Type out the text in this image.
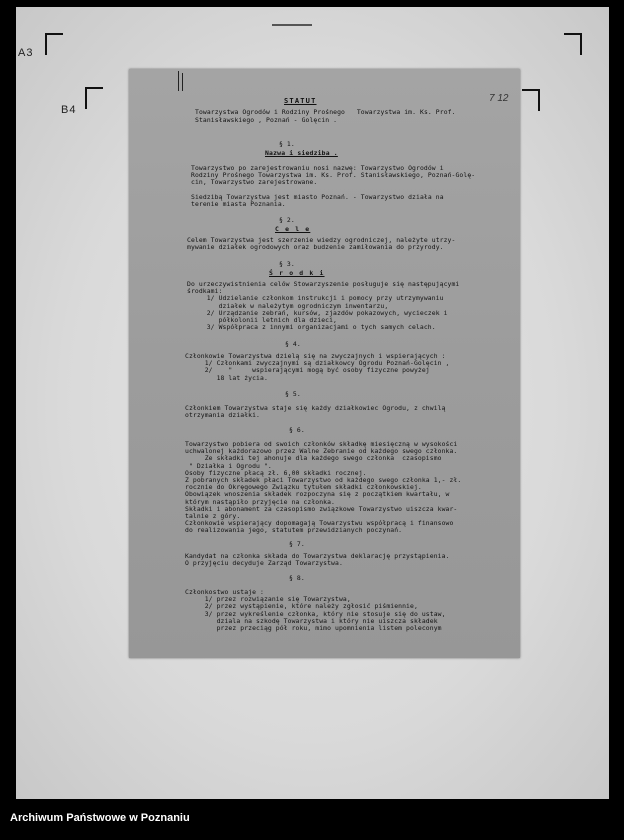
A3
B4
7 12
STATUT
Towarzystwa Ogrodów i Rodziny Prośnego   Towarzystwa im. Ks. Prof.
Stanisławskiego , Poznań - Golęcin .
§ 1.
Nazwa i siedziba .
Towarzystwo po zarejestrowaniu nosi nazwę: Towarzystwo Ogrodów i
Rodziny Prośnego Towarzystwa im. Ks. Prof. Stanisławskiego, Poznań-Golę-
cin, Towarzystwo zarejestrowane.

Siedzibą Towarzystwa jest miasto Poznań. - Towarzystwo działa na
terenie miasta Poznania.
§ 2.
C e l e
Celem Towarzystwa jest szerzenie wiedzy ogrodniczej, należyte utrzy-
mywanie działek ogrodowych oraz budzenie zamiłowania do przyrody.
§ 3.
Ś r o d k i
Do urzeczywistnienia celów Stowarzyszenie posługuje się następującymi
środkami:
1/ Udzielanie członkom instrukcji i pomocy przy utrzymywaniu
działek w należytym ogrodniczym inwentarzu,
2/ Urządzanie zebrań, kursów, zjazdów pokazowych, wycieczek i
półkolonii letnich dla dzieci,
3/ Współpraca z innymi organizacjami o tych samych celach.
§ 4.
Członkowie Towarzystwa dzielą się na zwyczajnych i wspierających :
1/ Członkami zwyczajnymi są działkowcy Ogrodu Poznań-Golęcin ,
2/    "     wspierającymi mogą być osoby fizyczne powyżej
18 lat życia.
§ 5.
Członkiem Towarzystwa staje się każdy działkowiec Ogrodu, z chwilą
otrzymania działki.
§ 6.
Towarzystwo pobiera od swoich członków składkę miesięczną w wysokości
uchwalonej każdorazowo przez Walne Zebranie od każdego swego członka.
Ze składki tej ahonuje dla każdego swego członka  czasopismo
" Działka i Ogrodu ".
Osoby fizyczne płacą zł. 6,00 składki rocznej.
Z pobranych składek płaci Towarzystwo od każdego swego członka 1,- zł.
rocznie do Okręgowego Związku tytułem składki członkowskiej.
Obowiązek wnoszenia składek rozpoczyna się z początkiem kwartału, w
którym nastąpiło przyjęcie na członka.
Składki i abonament za czasopismo związkowe Towarzystwo uiszcza kwar-
talnie z góry.
Członkowie wspierający dopomagają Towarzystwu współpracą i finansowo
do realizowania jego, statutem przewidzianych poczynań.
§ 7.
Kandydat na członka składa do Towarzystwa deklarację przystąpienia.
O przyjęciu decyduje Zarząd Towarzystwa.
§ 8.
Członkostwo ustaje :
1/ przez rozwiązanie się Towarzystwa,
2/ przez wystąpienie, które należy zgłosić piśmiennie,
3/ przez wykreślenie członka, który nie stosuje się do ustaw,
dziala na szkodę Towarzystwa i który nie uiszcza składek
przez przeciąg pół roku, mimo upomnienia listem poleconym
Archiwum Państwowe w Poznaniu
